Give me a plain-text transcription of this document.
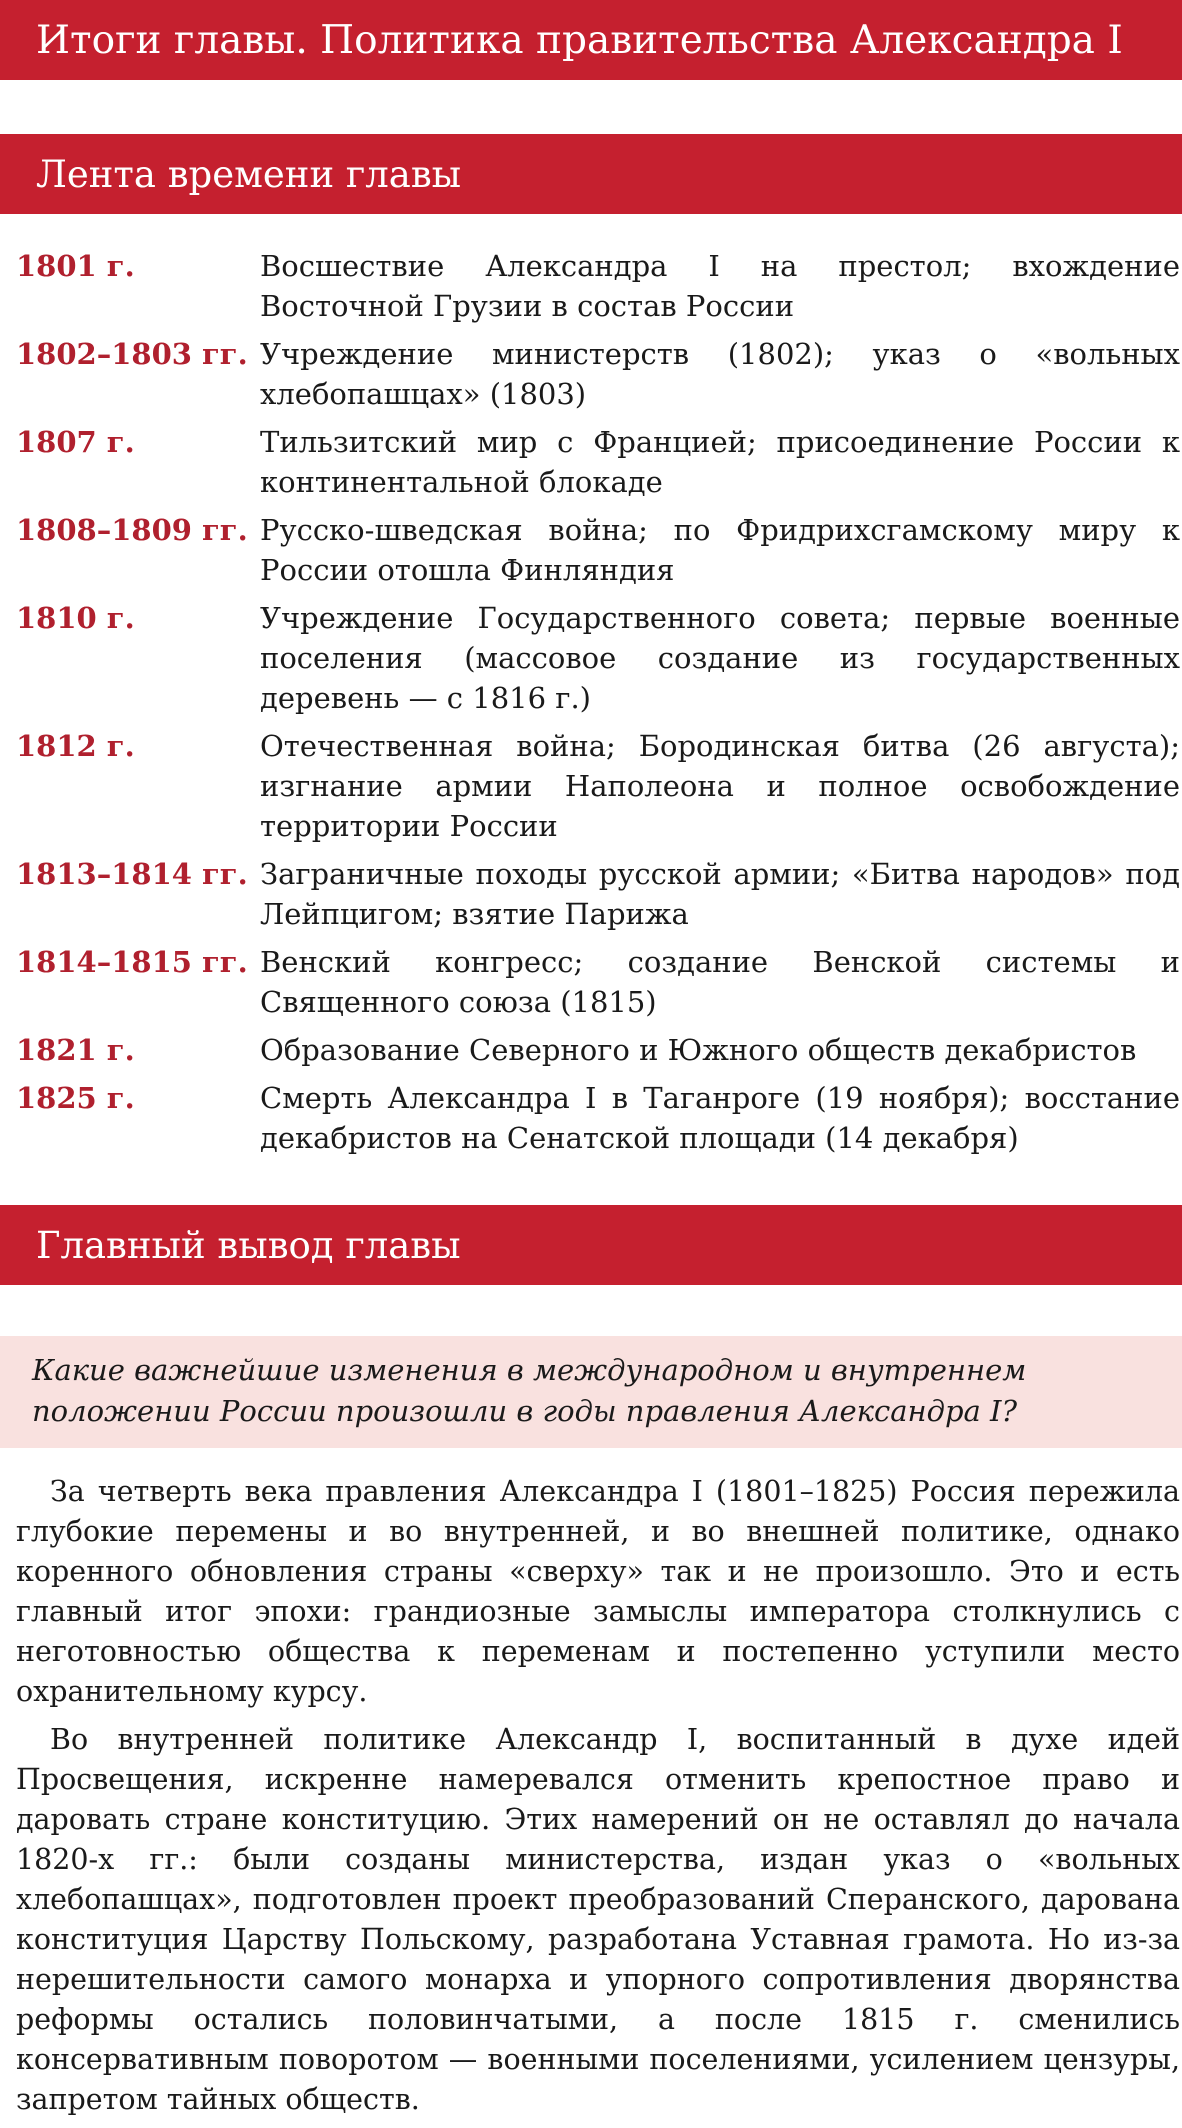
Итоги главы. Политика правительства Александра I
Лента времени главы
1801 г.	Восшествие Александра I на престол; вхождение Восточной Грузии в состав России
1802–1803 гг. Учреждение министерств (1802); указ о «вольных хлебопашцах» (1803)
1807 г.	Тильзитский мир с Францией; присоединение России к континентальной блокаде
1808–1809 гг. Русско-шведская война; по Фридрихсгамскому миру к России отошла Финляндия
1810 г.	Учреждение Государственного совета; первые военные поселения (массовое создание из государственных деревень — с 1816 г.)
1812 г.	Отечественная война; Бородинская битва (26 августа); изгнание армии Наполеона и полное освобождение территории России
1813–1814 гг. Заграничные походы русской армии; «Битва народов» под Лейпцигом; взятие Парижа
1814–1815 гг. Венский конгресс; создание Венской системы и Священного союза (1815)
1821 г.	Образование Северного и Южного обществ декабристов
1825 г.	Смерть Александра I в Таганроге (19 ноября); восстание декабристов на Сенатской площади (14 декабря)
Главный вывод главы
Какие важнейшие изменения в международном и внутреннем положении России произошли в годы правления Александра I?

За четверть века правления Александра I (1801–1825) Россия пережила глубокие перемены и во внутренней, и во внешней политике, однако коренного обновления страны «сверху» так и не произошло. Это и есть главный итог эпохи: грандиозные замыслы императора столкнулись с неготовностью общества к переменам и постепенно уступили место охранительному курсу.

Во внутренней политике Александр I, воспитанный в духе идей Просвещения, искренне намеревался отменить крепостное право и даровать стране конституцию. Этих намерений он не оставлял до начала 1820-х гг.: были созданы министерства, издан указ о «вольных хлебопашцах», подготовлен проект преобразований Сперанского, дарована конституция Царству Польскому, разработана Уставная грамота. Но из-за нерешительности самого монарха и упорного сопротивления дворянства реформы остались половинчатыми, а после 1815 г. сменились консервативным поворотом — военными поселениями, усилением цензуры, запретом тайных обществ.
